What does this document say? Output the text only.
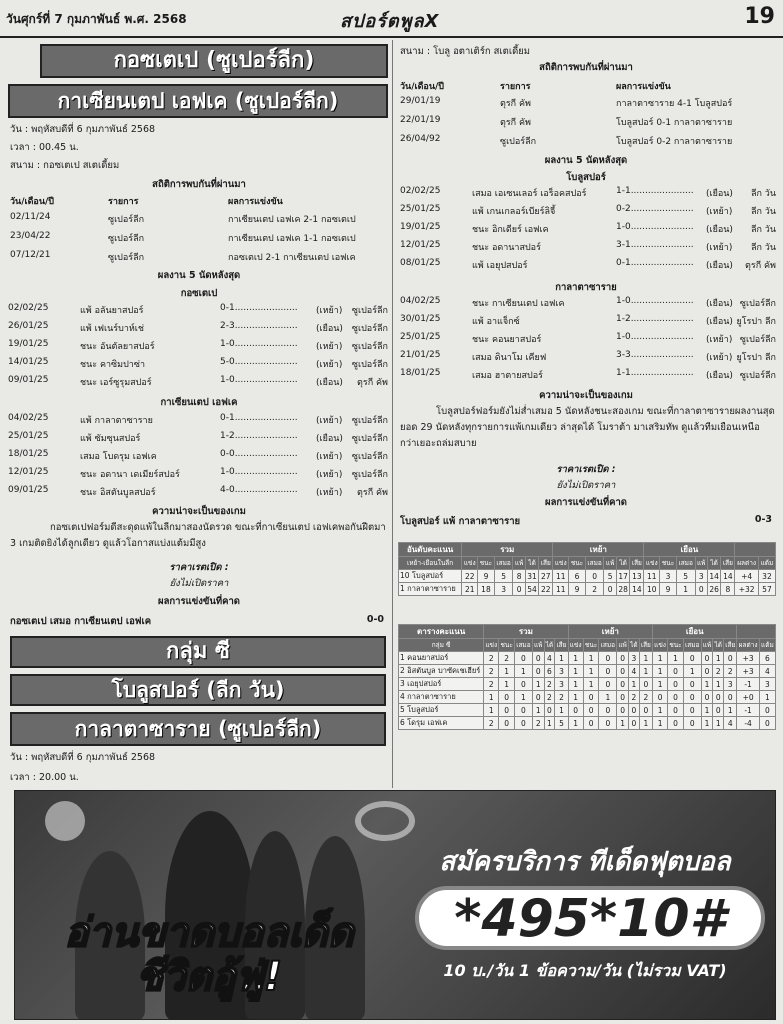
วันศุกร์ที่ 7 กุมภาพันธ์ พ.ศ. 2568	สปอร์ตพูลX	19
กอซเตเป (ซูเปอร์ลีก)
กาเซียนเตป เอฟเค (ซูเปอร์ลีก)
วัน : พฤหัสบดีที่ 6 กุมภาพันธ์ 2568
เวลา : 00.45 น.
สนาม : กอซเตเป สเตเดี้ยม
สถิติการพบกันที่ผ่านมา
วัน/เดือน/ปี	รายการ	ผลการแข่งขัน
02/11/24	ซูเปอร์ลีก	กาเซียนเตป เอฟเค 2-1 กอซเตเป
23/04/22	ซูเปอร์ลีก	กาเซียนเตป เอฟเค 1-1 กอซเตเป
07/12/21	ซูเปอร์ลีก	กอซเตเป 2-1 กาเซียนเตป เอฟเค
ผลงาน 5 นัดหลังสุด
กอซเตเป
02/02/25	แพ้ อลันยาสปอร์	0-1......................	(เหย้า) ซูเปอร์ลีก
26/01/25	แพ้ เฟเนร์บาห์เช่	2-3......................	(เยือน) ซูเปอร์ลีก
19/01/25	ชนะ อันตัลยาสปอร์	1-0......................	(เหย้า) ซูเปอร์ลีก
14/01/25	ชนะ คาซิมปาซ่า	5-0......................	(เหย้า) ซูเปอร์ลีก
09/01/25	ชนะ เอร์ซูรุมสปอร์	1-0......................	(เยือน) ตุรกี คัพ
กาเซียนเตป เอฟเค
04/02/25	แพ้ กาลาตาซาราย	0-1......................	(เหย้า) ซูเปอร์ลีก
25/01/25	แพ้ ซัมซุนสปอร์	1-2......................	(เยือน) ซูเปอร์ลีก
18/01/25	เสมอ โบดรุม เอฟเค	0-0......................	(เหย้า) ซูเปอร์ลีก
12/01/25	ชนะ อดานา เดเมียร์สปอร์	1-0......................	(เหย้า) ซูเปอร์ลีก
09/01/25	ชนะ อิสตันบูลสปอร์	4-0......................	(เหย้า) ตุรกี คัพ
ความน่าจะเป็นของเกม
กอซเตเปฟอร์มดีสะดุดแพ้ในลีกมาสองนัดรวด ขณะที่กาเซียนเตป เอฟเคพอกันฝีตมา 3 เกมติดยิงได้ลูกเดียว ดูแล้วโอกาสแบ่งแต้มมีสูง
ราคาเรตเปิด :
ยังไม่เปิดราคา
ผลการแข่งขันที่คาด
กอซเตเป เสมอ กาเซียนเตป เอฟเค	0-0
กลุ่ม ซี
โบลูสปอร์ (ลีก วัน)
กาลาตาซาราย (ซูเปอร์ลีก)
วัน : พฤหัสบดีที่ 6 กุมภาพันธ์ 2568
เวลา : 20.00 น.
สนาม : โบลู อตาเติร์ก สเตเดี้ยม
สถิติการพบกันที่ผ่านมา
วัน/เดือน/ปี	รายการ	ผลการแข่งขัน
29/01/19	ตุรกี คัพ	กาลาตาซาราย 4-1 โบลูสปอร์
22/01/19	ตุรกี คัพ	โบลูสปอร์ 0-1 กาลาตาซาราย
26/04/92	ซูเปอร์ลีก	โบลูสปอร์ 0-2 กาลาตาซาราย
ผลงาน 5 นัดหลังสุด
โบลูสปอร์
02/02/25	เสมอ เอเซนเลอร์ เอร็อคสปอร์	1-1......................	(เยือน) ลีก วัน
25/01/25	แพ้ เกนเกลอร์เบียร์ลิจี้	0-2......................	(เหย้า) ลีก วัน
19/01/25	ชนะ อิกเดียร์ เอฟเค	1-0......................	(เยือน) ลีก วัน
12/01/25	ชนะ อดานาสปอร์	3-1......................	(เหย้า) ลีก วัน
08/01/25	แพ้ เอยุปสปอร์	0-1......................	(เยือน) ตุรกี คัพ
กาลาตาซาราย
04/02/25	ชนะ กาเซียนเตป เอฟเค	1-0......................	(เยือน) ซูเปอร์ลีก
30/01/25	แพ้ อาแจ็กซ์	1-2......................	(เยือน) ยูโรปา ลีก
25/01/25	ชนะ คอนยาสปอร์	1-0......................	(เหย้า) ซูเปอร์ลีก
21/01/25	เสมอ ดินาโม เคียฟ	3-3......................	(เหย้า) ยูโรปา ลีก
18/01/25	เสมอ ฮาตายสปอร์	1-1......................	(เยือน) ซูเปอร์ลีก
ความน่าจะเป็นของเกม
โบลูสปอร์ฟอร์มยังไม่ส่ำเสมอ 5 นัดหลังชนะสองเกม ขณะที่กาลาตาซารายผลงานสุดยอด 29 นัดหลังทุกรายการแพ้เกมเดียว ล่าสุดได้ โมราต้า มาเสริมทัพ ดูแล้วทีมเยือนเหนือกว่าเยอะถล่มสบาย
ราคาเรตเปิด :
ยังไม่เปิดราคา
ผลการแข่งขันที่คาด
โบลูสปอร์ แพ้ กาลาตาซาราย	0-3
อันดับคะแนน	รวม						เหย้า						เยือน							
เหย้า-เยือนในลีก	แข่ง	ชนะ	เสมอ	แพ้	ได้	เสีย	แข่ง	ชนะ	เสมอ	แพ้	ได้	เสีย	แข่ง	ชนะ	เสมอ	แพ้	ได้	เสีย	ผลต่าง	แต้ม
10 โบลูสปอร์	22	9	5	8	31	27	11	6	0	5	17	13	11	3	5	3	14	14	+4	32
1 กาลาตาซาราย	21	18	3	0	54	22	11	9	2	0	28	14	10	9	1	0	26	8	+32	57
ตารางคะแนน	รวม						เหย้า						เยือน							
กลุ่ม ซี	แข่ง	ชนะ	เสมอ	แพ้	ได้	เสีย	แข่ง	ชนะ	เสมอ	แพ้	ได้	เสีย	แข่ง	ชนะ	เสมอ	แพ้	ได้	เสีย	ผลต่าง	แต้ม
1 คอนยาสปอร์	2	2	0	0	4	1	1	1	0	0	3	1	1	1	0	0	1	0	+3	6
2 อิสตันบูล บาซัคเชเฮียร์	2	1	1	0	6	3	1	1	0	0	4	1	1	0	1	0	2	2	+3	4
3 เอยุปสปอร์	2	1	0	1	2	3	1	1	0	0	1	0	1	0	0	1	1	3	-1	3
4 กาลาตาซาราย	1	0	1	0	2	2	1	0	1	0	2	2	0	0	0	0	0	0	+0	1
5 โบลูสปอร์	1	0	0	1	0	1	0	0	0	0	0	0	1	0	0	1	0	1	-1	0
6 โดรุม เอฟเค	2	0	0	2	1	5	1	0	0	1	0	1	1	0	0	1	1	4	-4	0
อ่านขาดบอลเด็ด ชีวิตอู้ฟู่!
สมัครบริการ ทีเด็ดฟุตบอล
*495*10#
10 บ./วัน 1 ข้อความ/วัน (ไม่รวม VAT)
